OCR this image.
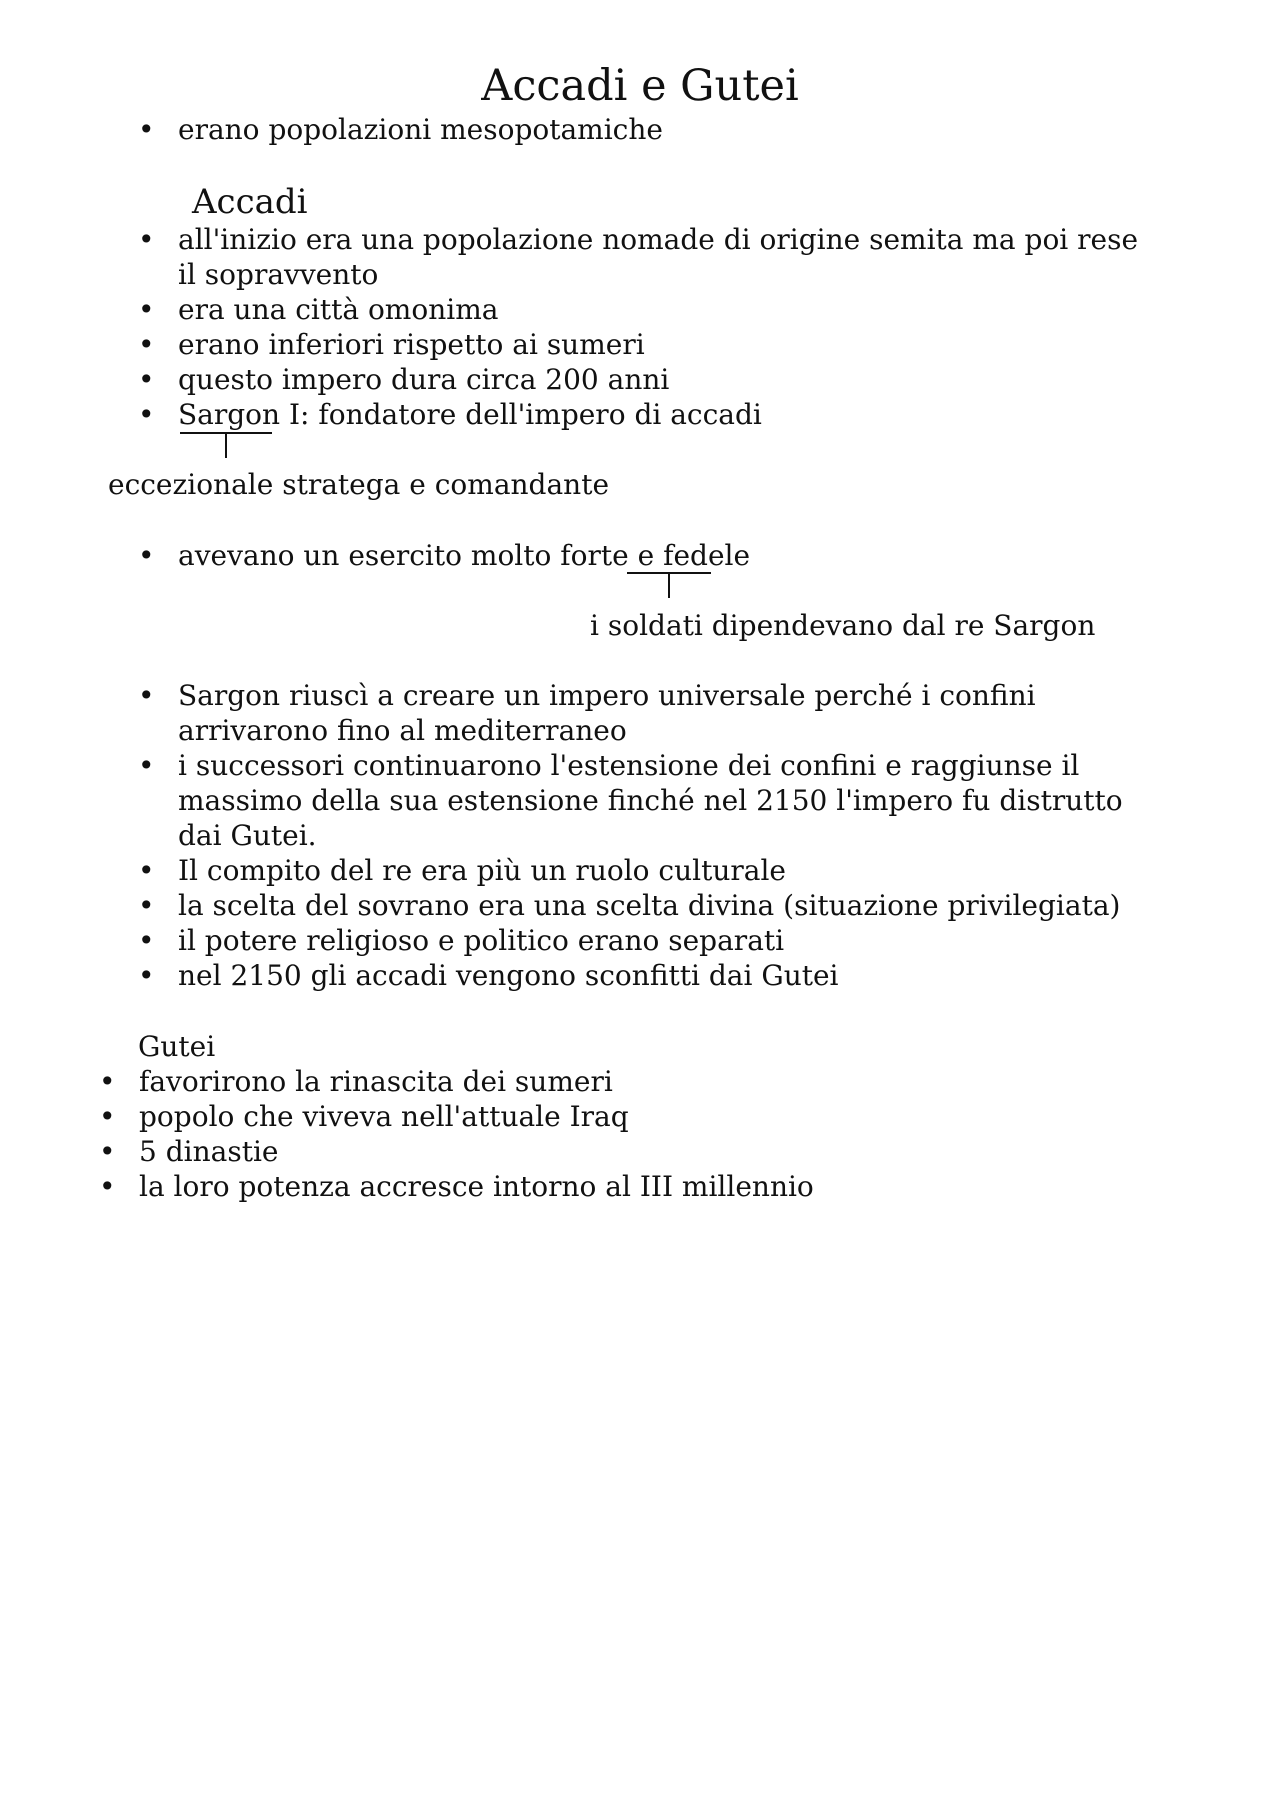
Accadi e Gutei
• erano popolazioni mesopotamiche
Accadi
• all'inizio era una popolazione nomade di origine semita ma poi rese
il sopravvento
• era una città omonima
• erano inferiori rispetto ai sumeri
• questo impero dura circa 200 anni
• Sargon I: fondatore dell'impero di accadi
eccezionale stratega e comandante
• avevano un esercito molto forte e fedele
i soldati dipendevano dal re Sargon
• Sargon riuscì a creare un impero universale perché i confini
arrivarono fino al mediterraneo
• i successori continuarono l'estensione dei confini e raggiunse il
massimo della sua estensione finché nel 2150 l'impero fu distrutto
dai Gutei.
• Il compito del re era più un ruolo culturale
• la scelta del sovrano era una scelta divina (situazione privilegiata)
• il potere religioso e politico erano separati
• nel 2150 gli accadi vengono sconfitti dai Gutei
Gutei
• favorirono la rinascita dei sumeri
• popolo che viveva nell'attuale Iraq
• 5 dinastie
• la loro potenza accresce intorno al III millennio
